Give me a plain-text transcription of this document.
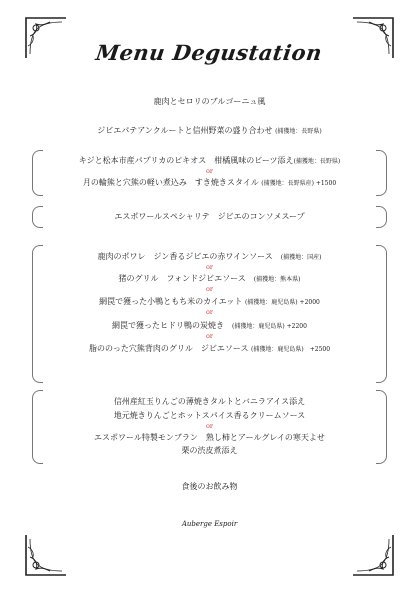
Menu Degustation
鹿肉とセロリのブルゴーニュ風
ジビエパテアンクルートと信州野菜の盛り合わせ (捕獲地：長野県)
キジと松本市産パプリカのピキオス　柑橘風味のビーツ添え(捕獲地：長野県)
or
月の輪熊と穴熊の軽い煮込み　すき焼きスタイル (捕獲地：長野県産) +1500
エスポワールスペシャリテ　ジビエのコンソメスープ
鹿肉のポワレ　ジン香るジビエの赤ワインソース　 (捕獲地：国産)
or
猪のグリル　フォンドジビエソース　 (捕獲地：熊本県)
or
網罠で獲った小鴨ともち米のカイエット (捕獲地：鹿児島県) +2000
or
網罠で獲ったヒドリ鴨の炭焼き　 (捕獲地：鹿児島県) +2200
or
脂ののった穴熊背肉のグリル　ジビエソース (捕獲地：鹿児島県)　+2500
信州産紅玉りんごの薄焼きタルトとバニラアイス添え
地元焼きりんごとホットスパイス香るクリームソース
or
エスポワール特製モンブラン　熟し柿とアールグレイの寒天よせ
栗の渋皮煮添え
食後のお飲み物
Auberge Espoir
